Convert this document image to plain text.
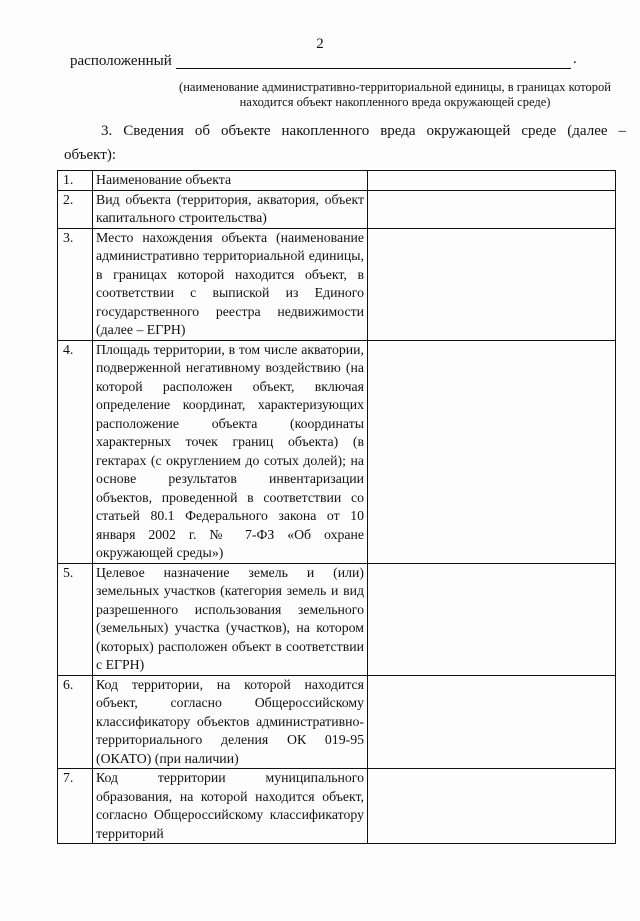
2
расположенный	.
(наименование административно-территориальной единицы, в границах которой находится объект накопленного вреда окружающей среде)
3. Сведения об объекте накопленного вреда окружающей среде (далее –
объект):
1.	Наименование объекта	
2.	Вид объекта (территория, акватория, объект капитального строительства)	
3.	Место нахождения объекта (наименование административно территориальной единицы, в границах которой находится объект, в соответствии с выпиской из Единого государственного реестра недвижимости (далее – ЕГРН)	
4.	Площадь территории, в том числе акватории, подверженной негативному воздействию (на которой расположен объект, включая определение координат, характеризующих расположение объекта (координаты характерных точек границ объекта) (в гектарах (с округлением до сотых долей); на основе результатов инвентаризации объектов, проведенной в соответствии со статьей 80.1 Федерального закона от 10 января 2002 г. № 7-ФЗ «Об охране окружающей среды»)	
5.	Целевое назначение земель и (или) земельных участков (категория земель и вид разрешенного использования земельного (земельных) участка (участков), на котором (которых) расположен объект в соответствии с ЕГРН)	
6.	Код территории, на которой находится объект, согласно Общероссийскому классификатору объектов административно-территориального деления ОК 019-95 (ОКАТО) (при наличии)	
7.	Код территории муниципального образования, на которой находится объект, согласно Общероссийскому классификатору территорий	
